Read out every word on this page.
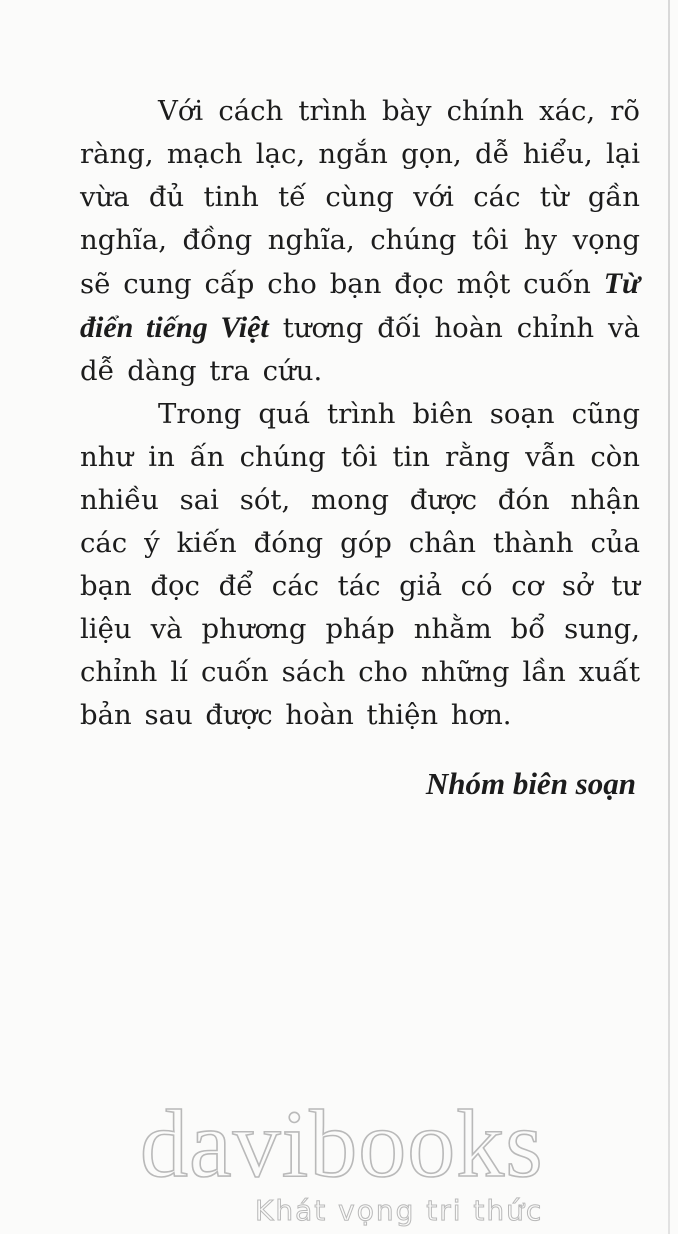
Với cách trình bày chính xác, rõ ràng, mạch lạc, ngắn gọn, dễ hiểu, lại vừa đủ tinh tế cùng với các từ gần nghĩa, đồng nghĩa, chúng tôi hy vọng sẽ cung cấp cho bạn đọc một cuốn Từ điển tiếng Việt tương đối hoàn chỉnh và dễ dàng tra cứu.

Trong quá trình biên soạn cũng như in ấn chúng tôi tin rằng vẫn còn nhiều sai sót, mong được đón nhận các ý kiến đóng góp chân thành của bạn đọc để các tác giả có cơ sở tư liệu và phương pháp nhằm bổ sung, chỉnh lí cuốn sách cho những lần xuất bản sau được hoàn thiện hơn.

Nhóm biên soạn
davibooks
Khát vọng tri thức
